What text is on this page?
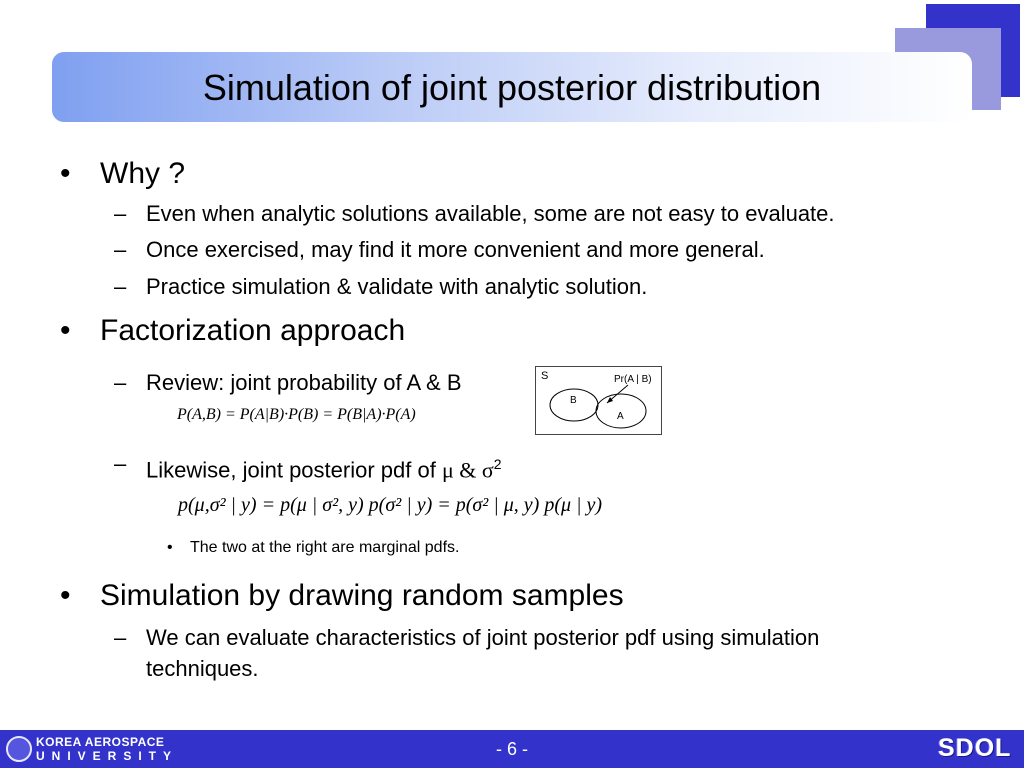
Simulation of joint posterior distribution
• Why ?
– Even when analytic solutions available, some are not easy to evaluate.
– Once exercised, may find it more convenient and more general.
– Practice simulation & validate with analytic solution.
• Factorization approach
– Review: joint probability of A & B
P(A,B) = P(A|B)·P(B) = P(B|A)·P(A)
S
B
A
Pr(A | B)
– Likewise, joint posterior pdf of μ & $\sigma^2$
p(μ,σ² | y) = p(μ | σ², y) p(σ² | y) = p(σ² | μ, y) p(μ | y)
• The two at the right are marginal pdfs.
• Simulation by drawing random samples
– We can evaluate characteristics of joint posterior pdf using simulation
techniques.
KOREA AEROSPACE
UNIVERSITY	- 6 -	SDOL
